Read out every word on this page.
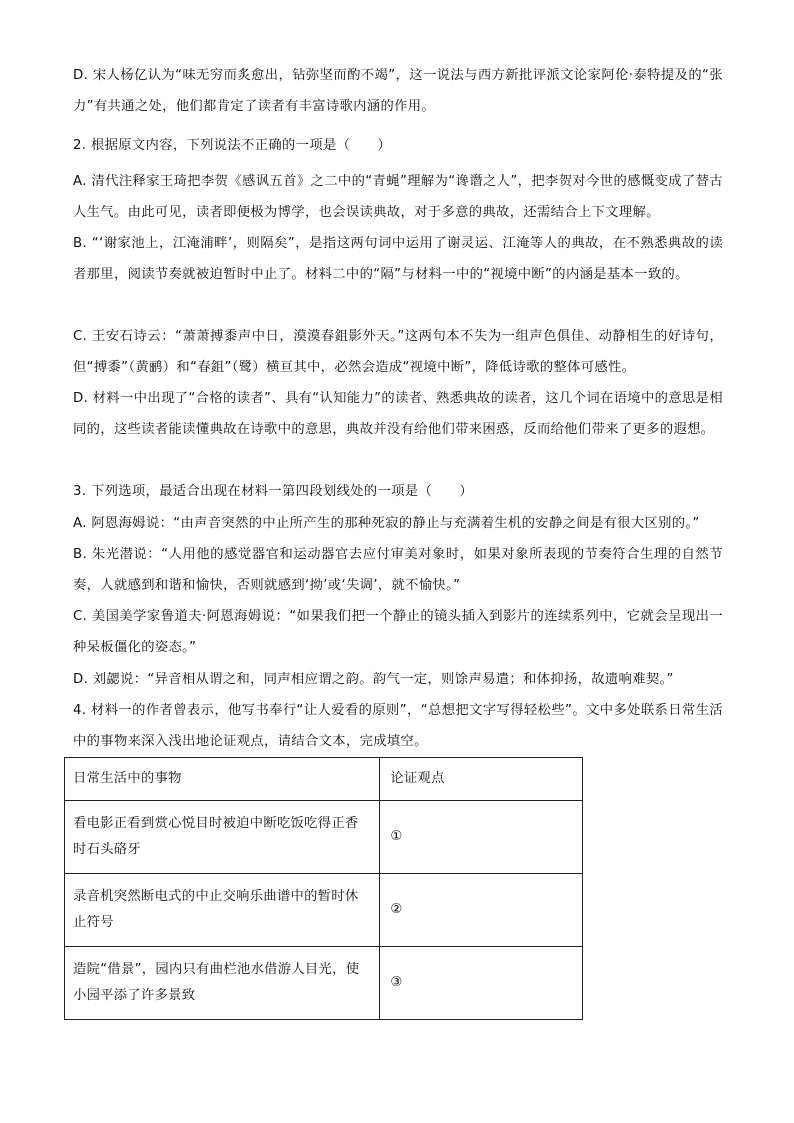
D. 宋人杨亿认为“味无穷而炙愈出，钻弥坚而酌不竭”，这一说法与西方新批评派文论家阿伦·泰特提及的“张力”有共通之处，他们都肯定了读者有丰富诗歌内涵的作用。
2. 根据原文内容，下列说法不正确的一项是（　　）
A. 清代注释家王琦把李贺《感讽五首》之二中的“青蝇”理解为“谗谮之人”，把李贺对今世的感慨变成了替古人生气。由此可见，读者即便极为博学，也会误读典故，对于多意的典故，还需结合上下文理解。
B. “‘谢家池上，江淹浦畔’，则隔矣”，是指这两句词中运用了谢灵运、江淹等人的典故，在不熟悉典故的读者那里，阅读节奏就被迫暂时中止了。材料二中的“隔”与材料一中的“视境中断”的内涵是基本一致的。
C. 王安石诗云：“萧萧搏黍声中日，漠漠春鉏影外天。”这两句本不失为一组声色俱佳、动静相生的好诗句，但“搏黍”（黄鹂）和“春鉏”（鹭）横亘其中，必然会造成“视境中断”，降低诗歌的整体可感性。
D. 材料一中出现了“合格的读者”、具有“认知能力”的读者、熟悉典故的读者，这几个词在语境中的意思是相同的，这些读者能读懂典故在诗歌中的意思，典故并没有给他们带来困惑，反而给他们带来了更多的遐想。
3. 下列选项，最适合出现在材料一第四段划线处的一项是（　　）
A. 阿恩海姆说：“由声音突然的中止所产生的那种死寂的静止与充满着生机的安静之间是有很大区别的。”
B. 朱光潜说：“人用他的感觉器官和运动器官去应付审美对象时，如果对象所表现的节奏符合生理的自然节奏，人就感到和谐和愉快，否则就感到‘拗’或‘失调’，就不愉快。”
C. 美国美学家鲁道夫·阿恩海姆说：“如果我们把一个静止的镜头插入到影片的连续系列中，它就会呈现出一种呆板僵化的姿态。”
D. 刘勰说：“异音相从谓之和，同声相应谓之韵。韵气一定，则馀声易遣；和体抑扬，故遗响难契。”
4. 材料一的作者曾表示，他写书奉行“让人爱看的原则”，“总想把文字写得轻松些”。文中多处联系日常生活中的事物来深入浅出地论证观点，请结合文本，完成填空。
日常生活中的事物	论证观点
看电影正看到赏心悦目时被迫中断吃饭吃得正香时石头硌牙	①
录音机突然断电式的中止交响乐曲谱中的暂时休止符号	②
造院“借景”，园内只有曲栏池水借游人目光，使小园平添了许多景致	③
